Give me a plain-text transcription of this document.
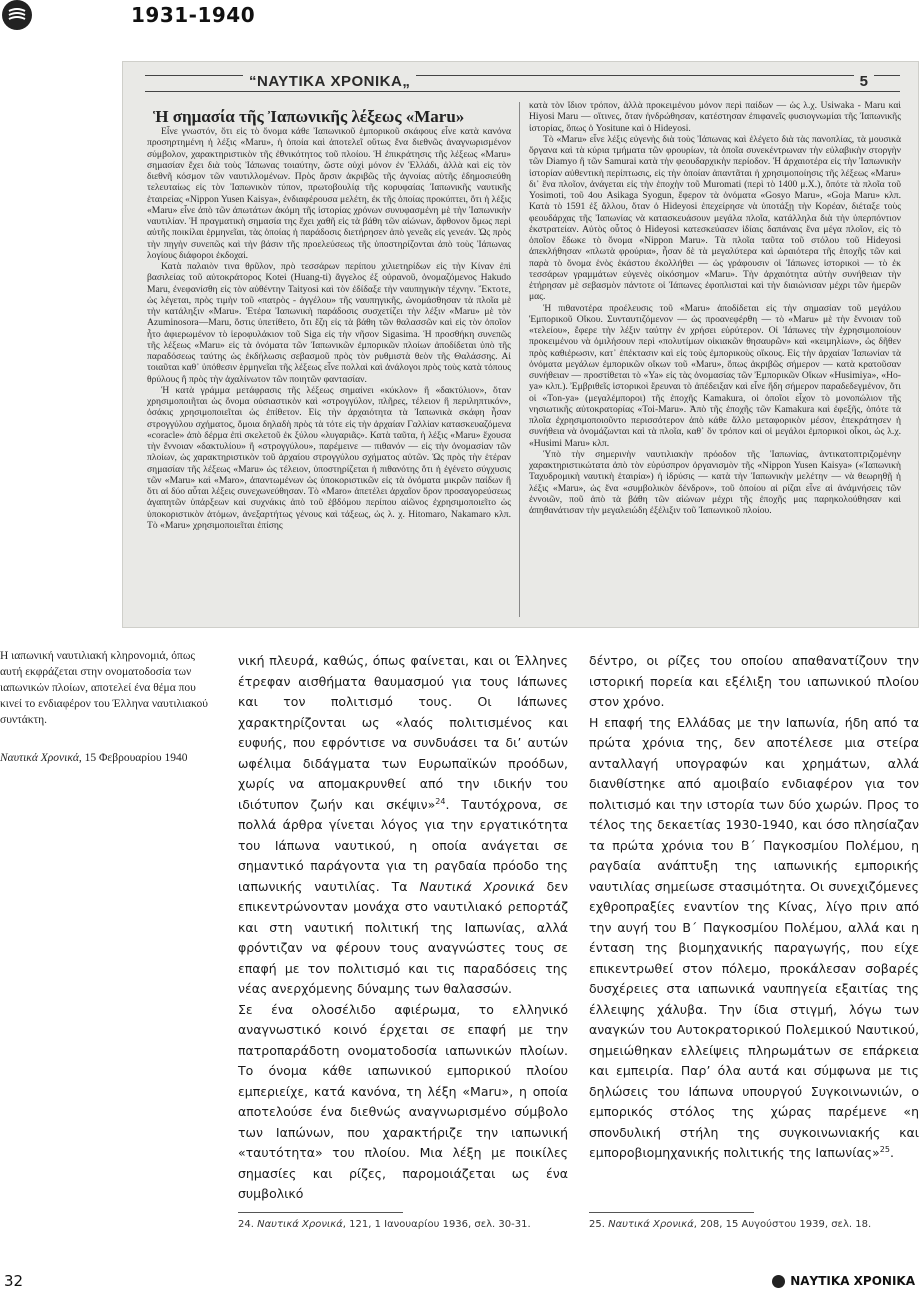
1931-1940
“ΝΑΥΤΙΚΑ ΧΡΟΝΙΚΑ„	5
Ἡ σημασία τῆς Ἰαπωνικῆς λέξεως «Maru»

Εἶνε γνωστόν, ὅτι εἰς τὸ ὄνομα κάθε Ἰαπωνικοῦ ἐμπορικοῦ σκάφους εἶνε κατὰ κανόνα προσηρτημένη ἡ λέξις «Maru», ἡ ὁποία καὶ ἀποτελεῖ οὕτως ἕνα διεθνῶς ἀναγνωρισμένον σύμβολον, χαρακτηριστικὸν τῆς ἐθνικότητος τοῦ πλοίου. Ἡ ἐπικράτησις τῆς λέξεως «Maru» σημασίαν ἔχει διὰ τοὺς Ἰάπωνας τοιαύτην, ὥστε οὐχὶ μόνον ἐν Ἑλλάδι, ἀλλὰ καὶ εἰς τὸν διεθνῆ κόσμον τῶν ναυτιλλομένων. Πρὸς ἄρσιν ἀκριβῶς τῆς ἀγνοίας αὐτῆς ἐδημοσιεύθη τελευταίως εἰς τὸν Ἰαπωνικὸν τύπον, πρωτοβουλίᾳ τῆς κορυφαίας Ἰαπωνικῆς ναυτικῆς ἑταιρείας «Nippon Yusen Kaisya», ἐνδιαφέρουσα μελέτη, ἐκ τῆς ὁποίας προκύπτει, ὅτι ἡ λέξις «Maru» εἶνε ἀπὸ τῶν ἀπωτάτων ἀκόμη τῆς ἱστορίας χρόνων συνυφασμένη μὲ τὴν Ἰαπωνικὴν ναυτιλίαν. Ἡ πραγματικὴ σημασία της ἔχει χαθῆ εἰς τὰ βάθη τῶν αἰώνων, ἄφθονον ὅμως περὶ αὐτῆς ποικίλαι ἑρμηνεῖαι, τὰς ὁποίας ἡ παράδοσις διετήρησεν ἀπὸ γενεᾶς εἰς γενεάν. Ὡς πρὸς τὴν πηγὴν συνεπῶς καὶ τὴν βάσιν τῆς προελεύσεως τῆς ὑποστηρίζονται ἀπὸ τοὺς Ἰάπωνας λογίους διάφοροι ἐκδοχαί.

Κατὰ παλαιὸν τινα θρῦλον, πρὸ τεσσάρων περίπου χιλιετηρίδων εἰς τὴν Κίναν ἐπὶ βασιλείας τοῦ αὐτοκράτορος Kotei (Huang-ti) ἄγγελος ἐξ οὐρανοῦ, ὀνομαζόμενος Hakudo Maru, ἐνεφανίσθη εἰς τὸν αὐθέντην Taityosi καὶ τὸν ἐδίδαξε τὴν ναυπηγικὴν τέχνην. Ἔκτοτε, ὡς λέγεται, πρὸς τιμὴν τοῦ «πατρὸς - ἀγγέλου» τῆς ναυπηγικῆς, ὠνομάσθησαν τὰ πλοῖα μὲ τὴν κατάληξιν «Maru». Ἑτέρα Ἰαπωνικὴ παράδοσις συσχετίζει τὴν λέξιν «Maru» μὲ τὸν Azuminosora—Maru, ὅστις ὑπετίθετο, ὅτι ἔζη εἰς τὰ βάθη τῶν θαλασσῶν καὶ εἰς τὸν ὁποῖον ἦτο ἀφιερωμένον τὸ ἱεροφυλάκιον τοῦ Siga εἰς τὴν νῆσον Sigasima. Ἡ προσθήκη συνεπῶς τῆς λέξεως «Maru» εἰς τὰ ὀνόματα τῶν Ἰαπωνικῶν ἐμπορικῶν πλοίων ἀποδίδεται ὑπὸ τῆς παραδόσεως ταύτης ὡς ἐκδήλωσις σεβασμοῦ πρὸς τὸν ρυθμιστὰ θεὸν τῆς Θαλάσσης. Αἱ τοιαῦται καθ᾽ ὑπόθεσιν ἑρμηνεῖαι τῆς λέξεως εἶνε πολλαὶ καὶ ἀνάλογοι πρὸς τοὺς κατὰ τόπους θρύλους ἢ πρὸς τὴν ἀχαλίνωτον τῶν ποιητῶν φαντασίαν.

Ἡ κατὰ γράμμα μετάφρασις τῆς λέξεως σημαίνει «κύκλον» ἢ «δακτύλιον», ὅταν χρησιμοποιῆται ὡς ὄνομα οὐσιαστικὸν καὶ «στρογγύλον, πλῆρες, τέλειον ἢ περιληπτικόν», ὁσάκις χρησιμοποιεῖται ὡς ἐπίθετον. Εἰς τὴν ἀρχαιότητα τὰ Ἰαπωνικὰ σκάφη ἦσαν στρογγύλου σχήματος, ὅμοια δηλαδὴ πρὸς τὰ τότε εἰς τὴν ἀρχαίαν Γαλλίαν κατασκευαζόμενα «coracle» ἀπὸ δέρμα ἐπὶ σκελετοῦ ἐκ ξύλου «λυγαριᾶς». Κατὰ ταῦτα, ἡ λέξις «Maru» ἔχουσα τὴν ἔννοιαν «δακτυλίου» ἢ «στρογγύλου», παρέμεινε — πιθανόν — εἰς τὴν ὀνομασίαν τῶν πλοίων, ὡς χαρακτηριστικὸν τοῦ ἀρχαίου στρογγύλου σχήματος αὐτῶν. Ὡς πρὸς τὴν ἑτέραν σημασίαν τῆς λέξεως «Maru» ὡς τέλειον, ὑποστηρίζεται ἡ πιθανότης ὅτι ἡ ἐγένετο σύγχυσις τῶν «Maru» καὶ «Maro», ἀπαντωμένων ὡς ὑποκοριστικῶν εἰς τὰ ὀνόματα μικρῶν παίδων ἢ ὅτι αἱ δύο αὗται λέξεις συνεχωνεύθησαν. Τὸ «Maro» ἀπετέλει ἀρχαῖον ὅρον προσαγορεύσεως ἀγαπητῶν ὑπάρξεων καὶ συχνάκις ἀπὸ τοῦ ἑβδόμου περίπου αἰῶνος ἐχρησιμοποιεῖτο ὡς ὑποκοριστικὸν ἀτόμων, ἀνεξαρτήτως γένους καὶ τάξεως, ὡς λ. χ. Hitomaro, Nakamaro κλπ. Τὸ «Maru» χρησιμοποιεῖται ἐπίσης

κατὰ τὸν ἴδιον τρόπον, ἀλλὰ προκειμένου μόνον περὶ παίδων — ὡς λ.χ. Usiwaka - Maru καὶ Hiyosi Maru — οἵτινες, ὅταν ἡνδρώθησαν, κατέστησαν ἐπιφανεῖς φυσιογνωμίαι τῆς Ἰαπωνικῆς ἱστορίας, ὅπως ὁ Yositune καὶ ὁ Hideyosi.

Τὸ «Maru» εἶνε λέξις εὐγενὴς διὰ τοὺς Ἰάπωνας καὶ ἐλέγετο διὰ τὰς πανοπλίας, τὰ μουσικὰ ὄργανα καὶ τὰ κύρια τμήματα τῶν φρουρίων, τὰ ὁποῖα συνεκέντρωναν τὴν εὐλαβικὴν στοργὴν τῶν Diamyo ἢ τῶν Samurai κατὰ τὴν φεουδαρχικὴν περίοδον. Ἡ ἀρχαιοτέρα εἰς τὴν Ἰαπωνικὴν ἱστορίαν αὐθεντικὴ περίπτωσις, εἰς τὴν ὁποίαν ἀπαντᾶται ἡ χρησιμοποίησις τῆς λέξεως «Maru» δι᾽ ἕνα πλοῖον, ἀνάγεται εἰς τὴν ἐποχὴν τοῦ Muromati (περὶ τὸ 1400 μ.Χ.), ὅπότε τὰ πλοῖα τοῦ Yosimoti, τοῦ 4ου Asikaga Syogun, ἔφερον τὰ ὀνόματα «Gosyo Maru», «Goja Maru» κλπ. Κατὰ τὸ 1591 ἐξ ἄλλου, ὅταν ὁ Hideyosi ἐπεχείρησε νὰ ὑποτάξῃ τὴν Κορέαν, διέταξε τοὺς φεουδάρχας τῆς Ἰαπωνίας νὰ κατασκευάσουν μεγάλα πλοῖα, κατάλληλα διὰ τὴν ὑπερπόντιον ἐκστρατείαν. Αὐτὸς οὗτος ὁ Hideyosi κατεσκεύασεν ἰδίαις δαπάναις ἕνα μέγα πλοῖον, εἰς τὸ ὁποῖον ἔδωκε τὸ ὄνομα «Nippon Maru». Τὰ πλοῖα ταῦτα τοῦ στόλου τοῦ Hideyosi ἀπεκλήθησαν «πλωτὰ φρούρια», ἦσαν δὲ τὰ μεγαλύτερα καὶ ὡραιότερα τῆς ἐποχῆς τῶν καὶ παρὰ τὸ ὄνομα ἑνὸς ἑκάστου ἐκολλήθει — ὡς γράφουσιν οἱ Ἰάπωνες ἱστορικοὶ — τὸ ἐκ τεσσάρων γραμμάτων εὐγενὲς οἰκόσημον «Maru». Τὴν ἀρχαιότητα αὐτὴν συνήθειαν τὴν ἐτήρησαν μὲ σεβασμὸν πάντοτε οἱ Ἰάπωνες ἐφοπλισταὶ καὶ τὴν διαιώνισαν μέχρι τῶν ἡμερῶν μας.

Ἡ πιθανοτέρα προέλευσις τοῦ «Maru» ἀποδίδεται εἰς τὴν σημασίαν τοῦ μεγάλου Ἐμπορικοῦ Οἴκου. Συνταυτιζόμενον — ὡς προανεφέρθη — τὸ «Maru» μὲ τὴν ἔννοιαν τοῦ «τελείου», ἔφερε τὴν λέξιν ταύτην ἐν χρήσει εὐρύτερον. Οἱ Ἰάπωνες τὴν ἐχρησιμοποίουν προκειμένου νὰ ὁμιλήσουν περὶ «πολυτίμων οἰκιακῶν θησαυρῶν» καὶ «κειμηλίων», ὡς δῆθεν πρὸς καθιέρωσιν, κατ᾽ ἐπέκτασιν καὶ εἰς τοὺς ἐμπορικοὺς οἴκους. Εἰς τὴν ἀρχαίαν Ἰαπωνίαν τὰ ὀνόματα μεγάλων ἐμπορικῶν οἴκων τοῦ «Maru», ὅπως ἀκριβῶς σήμερον — κατὰ κρατοῦσαν συνήθειαν — προστίθεται τὸ «Ya» εἰς τὰς ὀνομασίας τῶν Ἐμπορικῶν Οἴκων «Husimiya», «Ho-ya» κλπ.). Ἐμβριθεῖς ἱστορικοὶ ἔρευναι τὸ ἀπέδειξαν καὶ εἶνε ἤδη σήμερον παραδεδεγμένον, ὅτι οἱ «Ton-ya» (μεγαλέμποροι) τῆς ἐποχῆς Kamakura, οἱ ὁποῖοι εἶχον τὸ μονοπώλιον τῆς νησιωτικῆς αὐτοκρατορίας «Toi-Maru». Ἀπὸ τῆς ἐποχῆς τῶν Kamakura καὶ ἐφεξῆς, ὁπότε τὰ πλοῖα ἐχρησιμοποιοῦντο περισσότερον ἀπὸ κάθε ἄλλο μεταφορικὸν μέσον, ἐπεκράτησεν ἡ συνήθεια νὰ ὀνομάζωνται καὶ τὰ πλοῖα, καθ᾽ ὅν τρόπον καὶ οἱ μεγάλοι ἐμπορικοὶ οἶκοι, ὡς λ.χ. «Husimi Maru» κλπ.

Ὑπὸ τὴν σημερινὴν ναυτιλιακὴν πρόοδον τῆς Ἰαπωνίας, ἀντικατοπτριζομένην χαρακτηριστικώτατα ἀπὸ τὸν εὐρύσπρον ὀργανισμὸν τῆς «Nippon Yusen Kaisya» («Ἰαπωνικὴ Ταχυδρομικὴ ναυτικὴ ἑταιρία») ἡ ἱδρύσις — κατὰ τὴν Ἰαπωνικὴν μελέτην — νὰ θεωρηθῇ ἡ λέξις «Maru», ὡς ἕνα «συμβολικὸν δένδρον», τοῦ ὁποίου αἱ ρίζαι εἶνε αἱ ἀνάμνήσεις τῶν ἐννοιῶν, ποῦ ἀπὸ τὰ βάθη τῶν αἰώνων μέχρι τῆς ἐποχῆς μας παρηκολούθησαν καὶ ἀπηθανάτισαν τὴν μεγαλειώδη ἐξέλιξιν τοῦ Ἰαπωνικοῦ πλοίου.

Η ιαπωνική ναυτιλιακή κληρονομιά, όπως αυτή εκφράζεται στην ονοματοδοσία των ιαπωνικών πλοίων, αποτελεί ένα θέμα που κινεί το ενδιαφέρον του Έλληνα ναυτιλιακού συντάκτη.
Ναυτικά Χρονικά, 15 Φεβρουαρίου 1940

νική πλευρά, καθώς, όπως φαίνεται, και οι Έλληνες έτρεφαν αισθήματα θαυμασμού για τους Ιάπωνες και τον πολιτισμό τους. Οι Ιάπωνες χαρακτηρίζονται ως «λαός πολιτισμένος και ευφυής, που εφρόντισε να συνδυάσει τα δι’ αυτών ωφέλιμα διδάγματα των Ευρωπαϊκών προόδων, χωρίς να απομακρυνθεί από την ιδικήν του ιδιότυπον ζωήν και σκέψιν»$^{24}$. Ταυτόχρονα, σε πολλά άρθρα γίνεται λόγος για την εργατικότητα του Ιάπωνα ναυτικού, η οποία ανάγεται σε σημαντικό παράγοντα για τη ραγδαία πρόοδο της ιαπωνικής ναυτιλίας. Τα Ναυτικά Χρονικά δεν επικεντρώνονταν μονάχα στο ναυτιλιακό ρεπορτάζ και στη ναυτική πολιτική της Ιαπωνίας, αλλά φρόντιζαν να φέρουν τους αναγνώστες τους σε επαφή με τον πολιτισμό και τις παραδόσεις της νέας ανερχόμενης δύναμης των θαλασσών.

Σε ένα ολοσέλιδο αφιέρωμα, το ελληνικό αναγνωστικό κοινό έρχεται σε επαφή με την πατροπαράδοτη ονοματοδοσία ιαπωνικών πλοίων. Το όνομα κάθε ιαπωνικού εμπορικού πλοίου εμπεριείχε, κατά κανόνα, τη λέξη «Maru», η οποία αποτελούσε ένα διεθνώς αναγνωρισμένο σύμβολο των Ιαπώνων, που χαρακτήριζε την ιαπωνική «ταυτότητα» του πλοίου. Μια λέξη με ποικίλες σημασίες και ρίζες, παρομοιάζεται ως ένα συμβολικό

δέντρο, οι ρίζες του οποίου απαθανατίζουν την ιστορική πορεία και εξέλιξη του ιαπωνικού πλοίου στον χρόνο.

Η επαφή της Ελλάδας με την Ιαπωνία, ήδη από τα πρώτα χρόνια της, δεν αποτέλεσε μια στείρα ανταλλαγή υπογραφών και χρημάτων, αλλά διανθίστηκε από αμοιβαίο ενδιαφέρον για τον πολιτισμό και την ιστορία των δύο χωρών. Προς το τέλος της δεκαετίας 1930-1940, και όσο πλησίαζαν τα πρώτα χρόνια του Β΄ Παγκοσμίου Πολέμου, η ραγδαία ανάπτυξη της ιαπωνικής εμπορικής ναυτιλίας σημείωσε στασιμότητα. Οι συνεχιζόμενες εχθροπραξίες εναντίον της Κίνας, λίγο πριν από την αυγή του Β΄ Παγκοσμίου Πολέμου, αλλά και η ένταση της βιομηχανικής παραγωγής, που είχε επικεντρωθεί στον πόλεμο, προκάλεσαν σοβαρές δυσχέρειες στα ιαπωνικά ναυπηγεία εξαιτίας της έλλειψης χάλυβα. Την ίδια στιγμή, λόγω των αναγκών του Αυτοκρατορικού Πολεμικού Ναυτικού, σημειώθηκαν ελλείψεις πληρωμάτων σε επάρκεια και εμπειρία. Παρ’ όλα αυτά και σύμφωνα με τις δηλώσεις του Ιάπωνα υπουργού Συγκοινωνιών, ο εμπορικός στόλος της χώρας παρέμενε «η σπονδυλική στήλη της συγκοινωνιακής και εμποροβιομηχανικής πολιτικής της Ιαπωνίας»$^{25}$.

24. Ναυτικά Χρονικά, 121, 1 Ιανουαρίου 1936, σελ. 30-31.	25. Ναυτικά Χρονικά, 208, 15 Αυγούστου 1939, σελ. 18.
32	ΝΑΥΤΙΚΑ ΧΡΟΝΙΚΑ
